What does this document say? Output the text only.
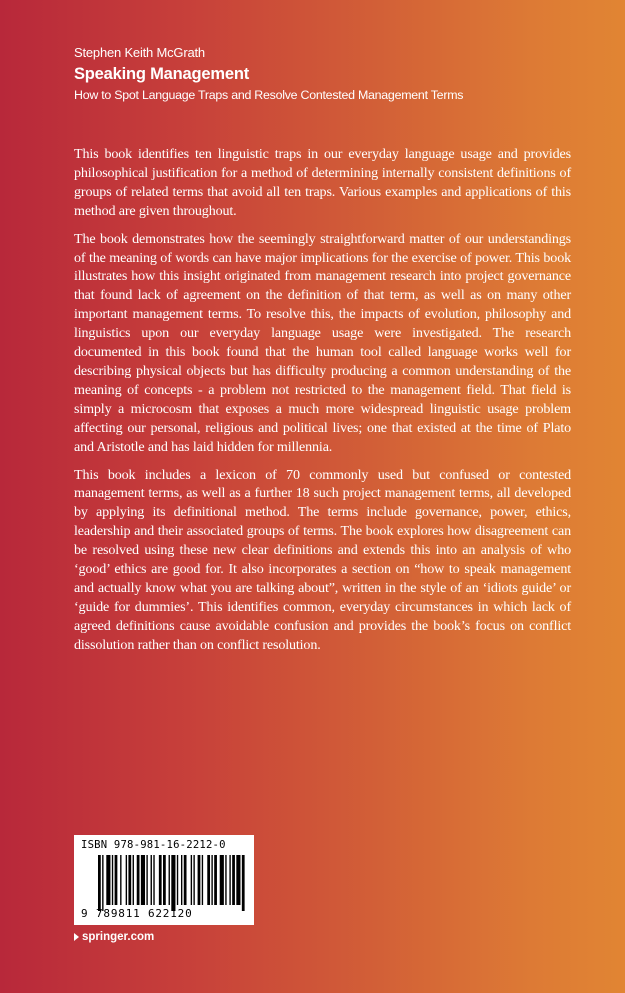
Stephen Keith McGrath
Speaking Management
How to Spot Language Traps and Resolve Contested Management Terms

This book identifies ten linguistic traps in our everyday language usage and provides philosophical justification for a method of determining internally consistent definitions of groups of related terms that avoid all ten traps. Various examples and applications of this method are given throughout.

The book demonstrates how the seemingly straightforward matter of our understandings of the meaning of words can have major implications for the exercise of power. This book illustrates how this insight originated from management research into project governance that found lack of agreement on the definition of that term, as well as on many other important management terms. To resolve this, the impacts of evolution, philosophy and linguistics upon our everyday language usage were investigated. The research documented in this book found that the human tool called language works well for describing physical objects but has difficulty producing a common understanding of the meaning of concepts - a problem not restricted to the management field. That field is simply a microcosm that exposes a much more widespread linguistic usage problem affecting our personal, religious and political lives; one that existed at the time of Plato and Aristotle and has laid hidden for millennia.

This book includes a lexicon of 70 commonly used but confused or contested management terms, as well as a further 18 such project management terms, all developed by applying its definitional method. The terms include governance, power, ethics, leadership and their associated groups of terms. The book explores how disagreement can be resolved using these new clear definitions and extends this into an analysis of who ‘good’ ethics are good for. It also incorporates a section on “how to speak management and actually know what you are talking about”, written in the style of an ‘idiots guide’ or ‘guide for dummies’. This identifies common, everyday circumstances in which lack of agreed definitions cause avoidable confusion and provides the book’s focus on conflict dissolution rather than on conflict resolution.

ISBN 978-981-16-2212-0
9 789811 622120
springer.com
